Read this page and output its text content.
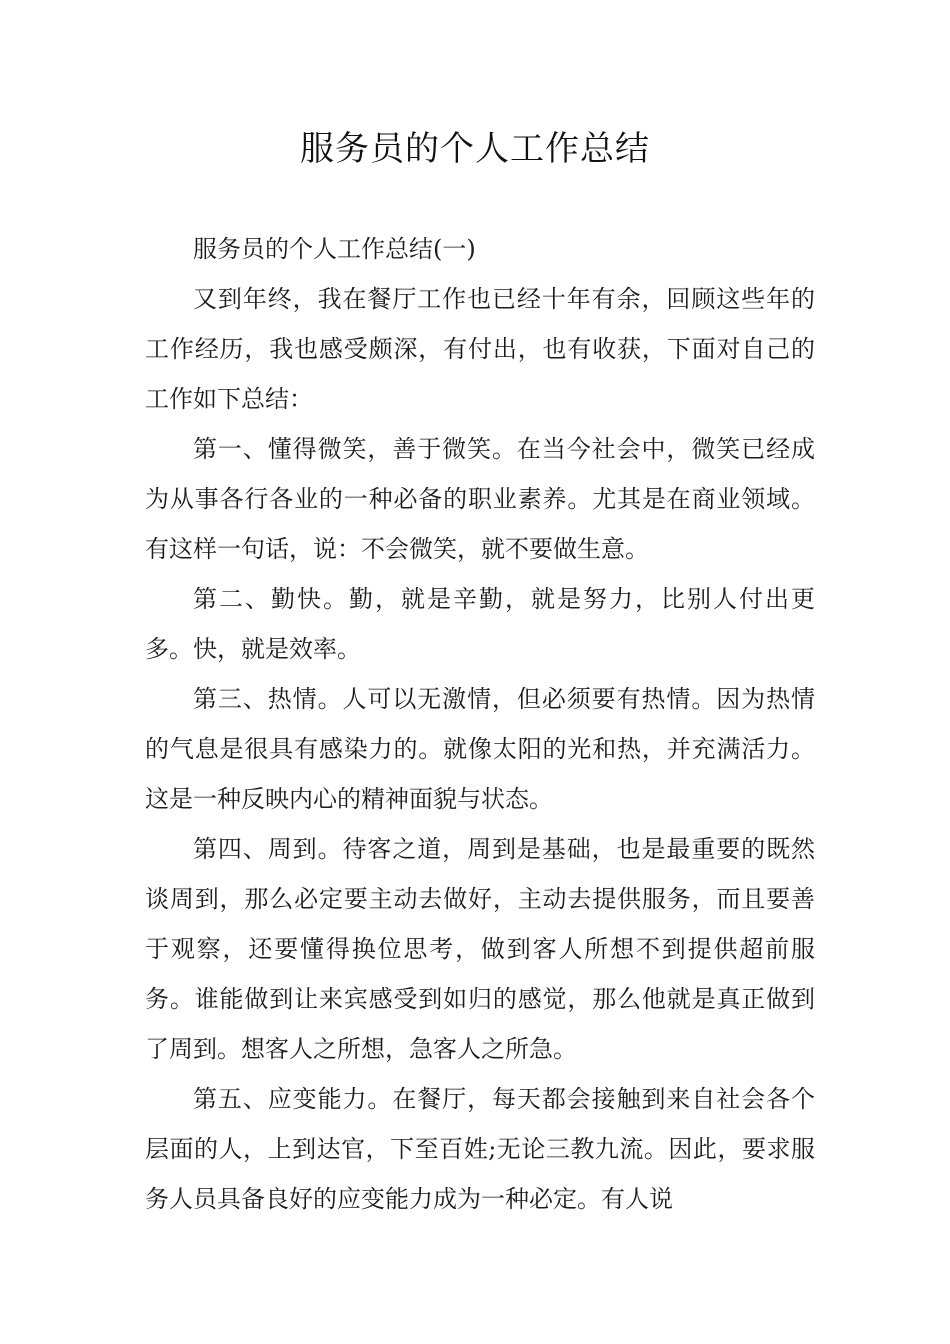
服务员的个人工作总结

服务员的个人工作总结(一)

又到年终，我在餐厅工作也已经十年有余，回顾这些年的工作经历，我也感受颇深，有付出，也有收获，下面对自己的工作如下总结：

第一、懂得微笑，善于微笑。在当今社会中，微笑已经成为从事各行各业的一种必备的职业素养。尤其是在商业领域。有这样一句话，说：不会微笑，就不要做生意。

第二、勤快。勤，就是辛勤，就是努力，比别人付出更多。快，就是效率。

第三、热情。人可以无激情，但必须要有热情。因为热情的气息是很具有感染力的。就像太阳的光和热，并充满活力。这是一种反映内心的精神面貌与状态。

第四、周到。待客之道，周到是基础，也是最重要的既然谈周到，那么必定要主动去做好，主动去提供服务，而且要善于观察，还要懂得换位思考，做到客人所想不到提供超前服务。谁能做到让来宾感受到如归的感觉，那么他就是真正做到了周到。想客人之所想，急客人之所急。

第五、应变能力。在餐厅，每天都会接触到来自社会各个层面的人，上到达官，下至百姓;无论三教九流。因此，要求服务人员具备良好的应变能力成为一种必定。有人说
